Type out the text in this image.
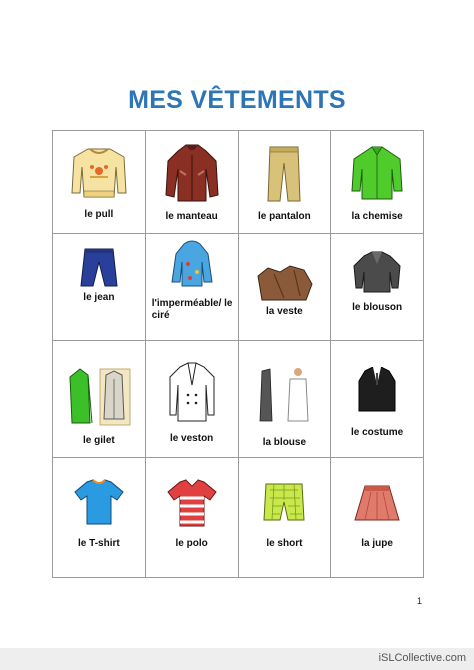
MES VÊTEMENTS
le pull	le manteau	le pantalon	la chemise

le jean	l'imperméable/ le ciré	la veste	le blouson

le gilet	le veston	la blouse	le costume

le T-shirt	le polo	le short	la jupe
1
iSLCollective.com
